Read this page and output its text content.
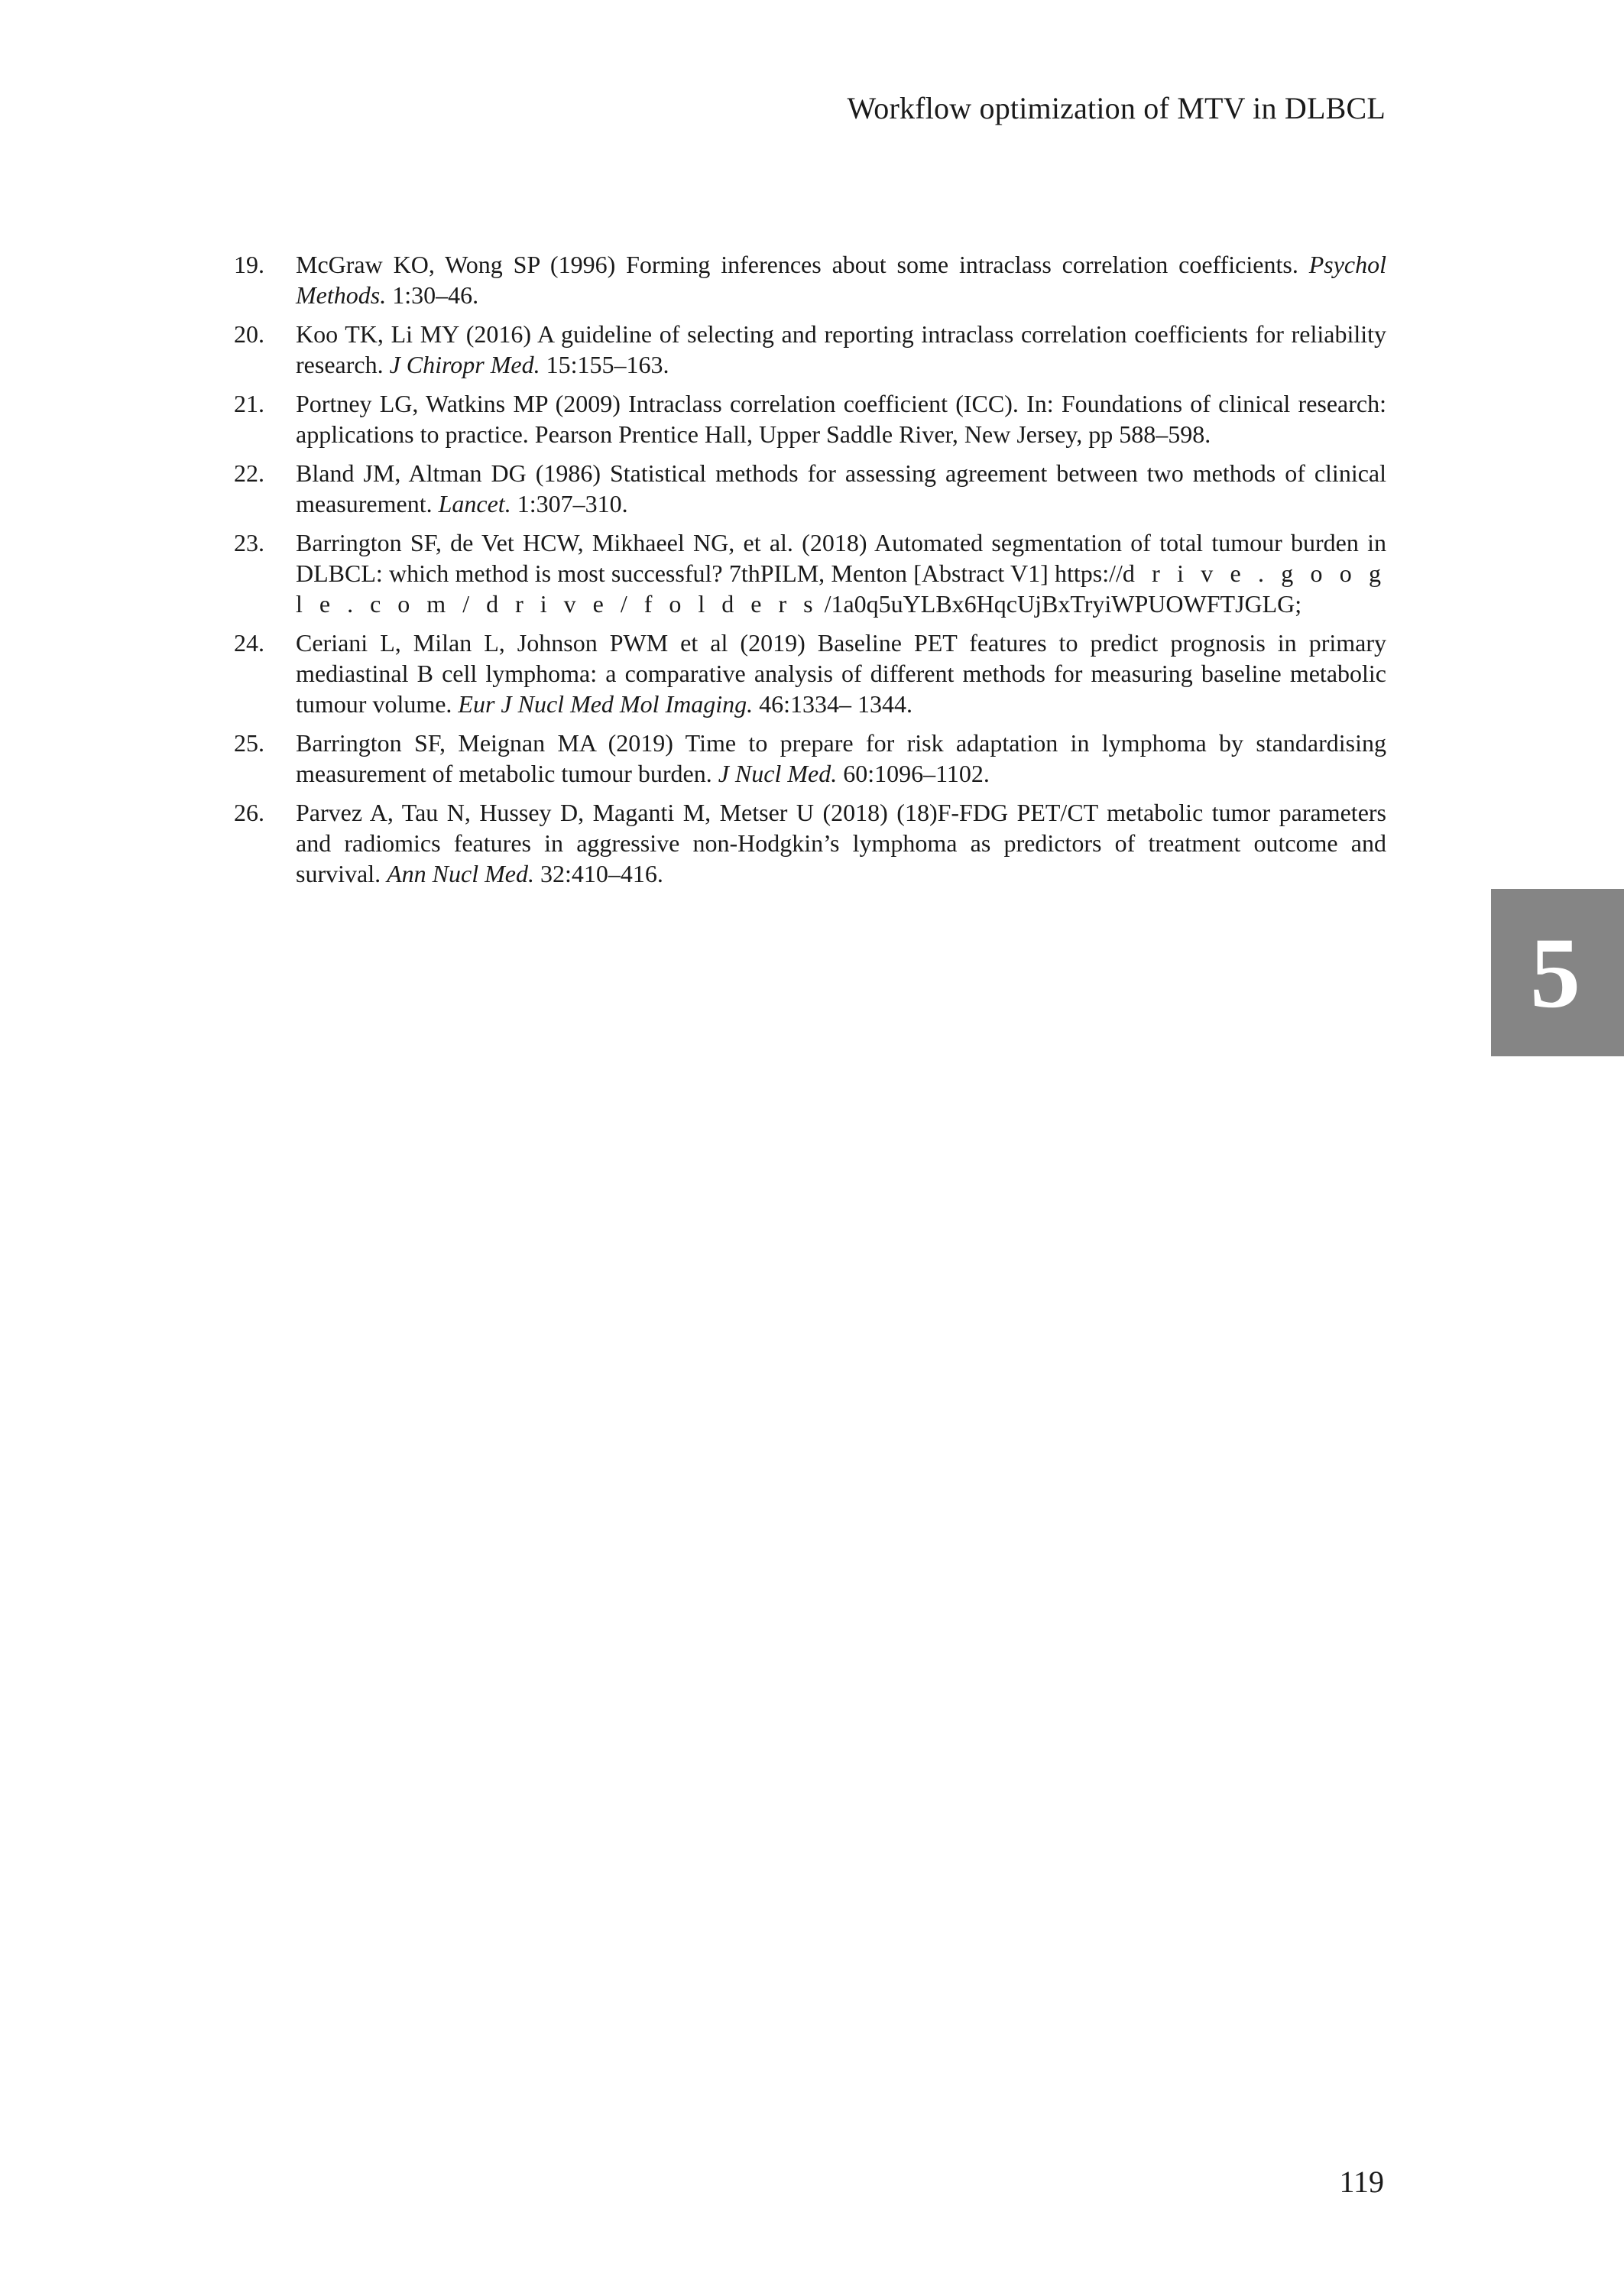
Workflow optimization of MTV in DLBCL
19. McGraw KO, Wong SP (1996) Forming inferences about some intraclass correlation coefficients. Psychol Methods. 1:30–46.
20. Koo TK, Li MY (2016) A guideline of selecting and reporting intraclass correlation coefficients for reliability research. J Chiropr Med. 15:155–163.
21. Portney LG, Watkins MP (2009) Intraclass correlation coefficient (ICC). In: Foundations of clinical research: applications to practice. Pearson Prentice Hall, Upper Saddle River, New Jersey, pp 588–598.
22. Bland JM, Altman DG (1986) Statistical methods for assessing agreement between two methods of clinical measurement. Lancet. 1:307–310.
23. Barrington SF, de Vet HCW, Mikhaeel NG, et al. (2018) Automated segmentation of total tumour burden in DLBCL: which method is most successful? 7thPILM, Menton [Abstract V1] https://d r i v e . g o o g l e . c o m / d r i v e / f o l d e r s /1a0q5uYLBx6HqcUjBxTryiWPUOWFTJGLG;
24. Ceriani L, Milan L, Johnson PWM et al (2019) Baseline PET features to predict prognosis in primary mediastinal B cell lymphoma: a comparative analysis of different methods for measuring baseline metabolic tumour volume. Eur J Nucl Med Mol Imaging. 46:1334– 1344.
25. Barrington SF, Meignan MA (2019) Time to prepare for risk adaptation in lymphoma by standardising measurement of metabolic tumour burden. J Nucl Med. 60:1096–1102.
26. Parvez A, Tau N, Hussey D, Maganti M, Metser U (2018) (18)F-FDG PET/CT metabolic tumor parameters and radiomics features in aggressive non-Hodgkin’s lymphoma as predictors of treatment outcome and survival. Ann Nucl Med. 32:410–416.
5
119
